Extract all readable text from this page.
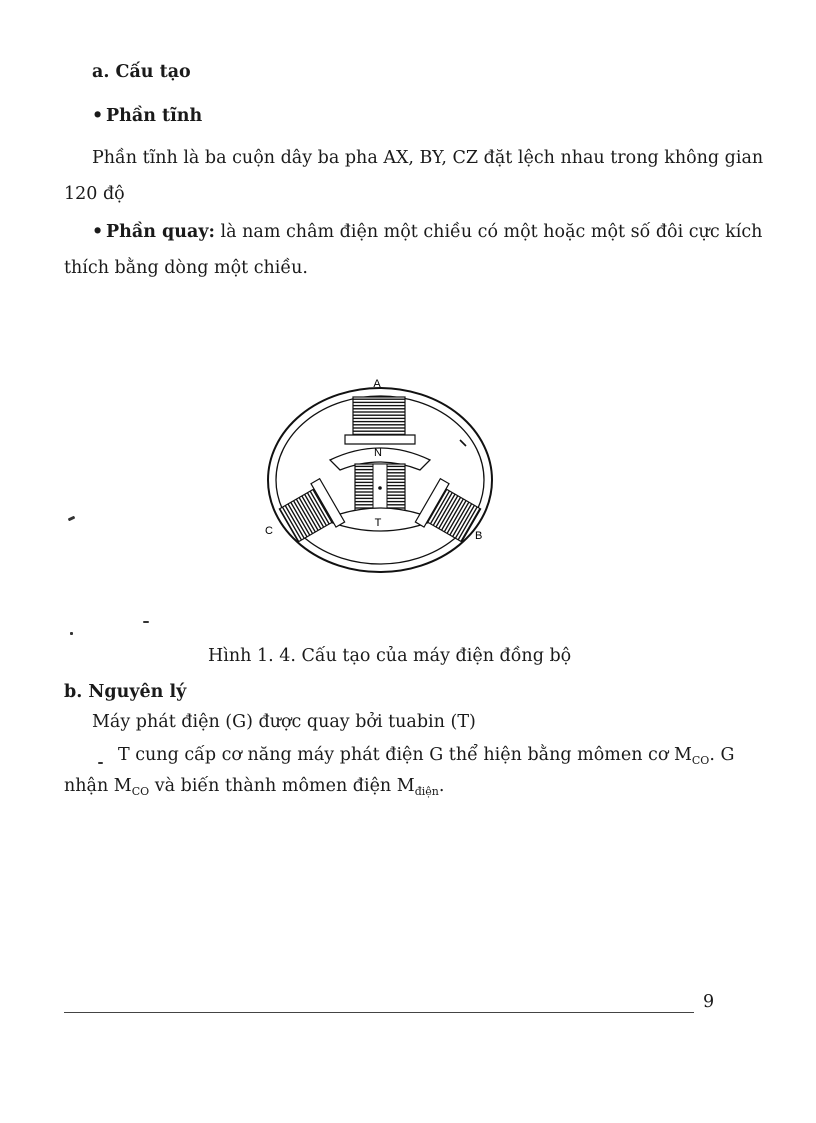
a. Cấu tạo
• Phần tĩnh
Phần tĩnh là ba cuộn dây ba pha AX, BY, CZ đặt lệch nhau trong không gian
120 độ
• Phần quay: là nam châm điện một chiều có một hoặc một số đôi cực kích
thích bằng dòng một chiều.
A
N
T
C	B
Hình 1. 4. Cấu tạo của máy điện đồng bộ
b. Nguyên lý
Máy phát điện (G) được quay bởi tuabin (T)
T cung cấp cơ năng máy phát điện G thể hiện bằng mômen cơ $M_{CO}$. G
nhận $M_{CO}$ và biến thành mômen điện $M_{điện}$.
9
